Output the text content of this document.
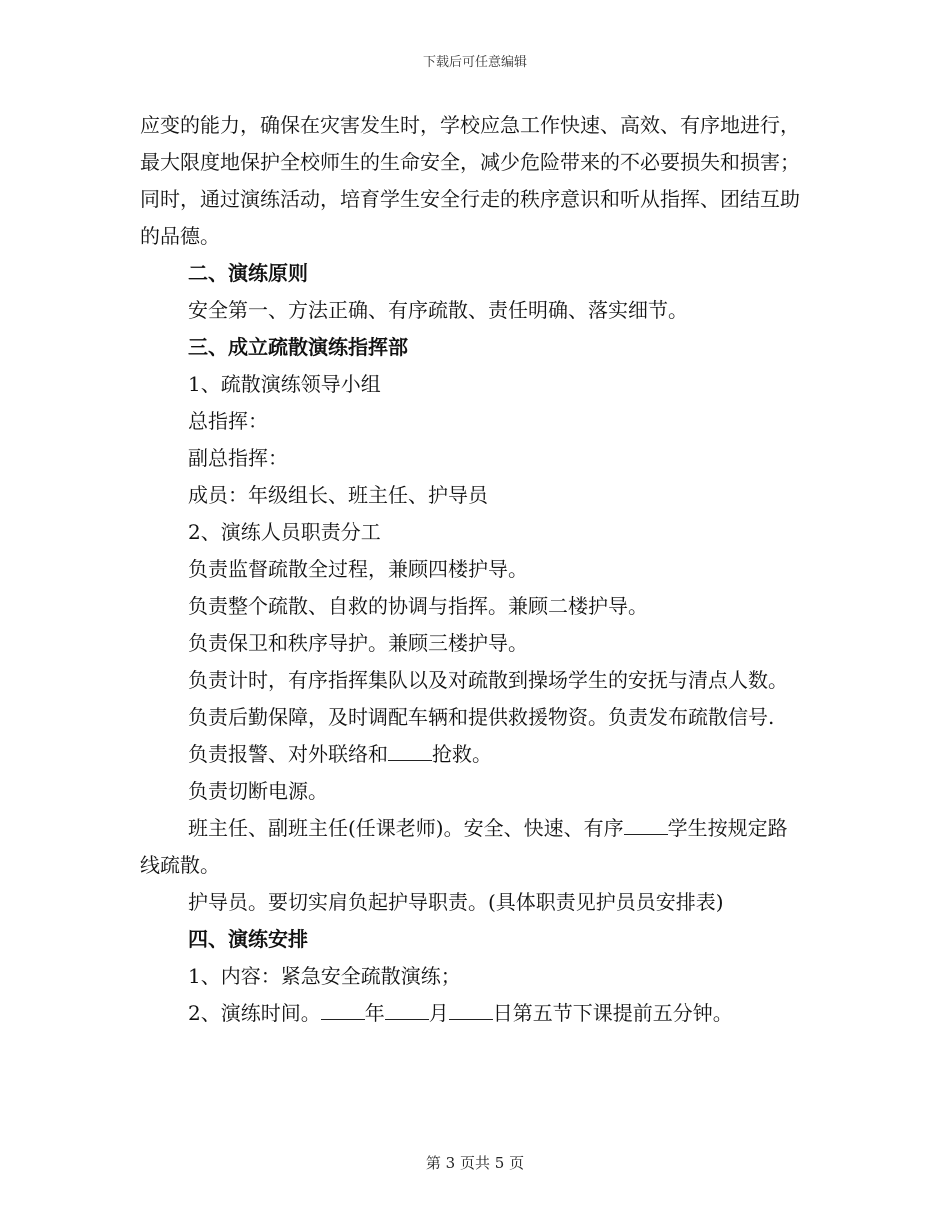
下载后可任意编辑

应变的能力，确保在灾害发生时，学校应急工作快速、高效、有序地进行，最大限度地保护全校师生的生命安全，减少危险带来的不必要损失和损害；同时，通过演练活动，培育学生安全行走的秩序意识和听从指挥、团结互助的品德。

二、演练原则

安全第一、方法正确、有序疏散、责任明确、落实细节。

三、成立疏散演练指挥部

1、疏散演练领导小组

总指挥：

副总指挥：

成员：年级组长、班主任、护导员

2、演练人员职责分工

负责监督疏散全过程，兼顾四楼护导。

负责整个疏散、自救的协调与指挥。兼顾二楼护导。

负责保卫和秩序导护。兼顾三楼护导。

负责计时，有序指挥集队以及对疏散到操场学生的安抚与清点人数。

负责后勤保障，及时调配车辆和提供救援物资。负责发布疏散信号.

负责报警、对外联络和 抢救。

负责切断电源。

班主任、副班主任(任课老师)。安全、快速、有序 学生按规定路线疏散。

护导员。要切实肩负起护导职责。(具体职责见护员员安排表)

四、演练安排

1、内容：紧急安全疏散演练；

2、演练时间。 年 月 日第五节下课提前五分钟。

第 3 页共 5 页
